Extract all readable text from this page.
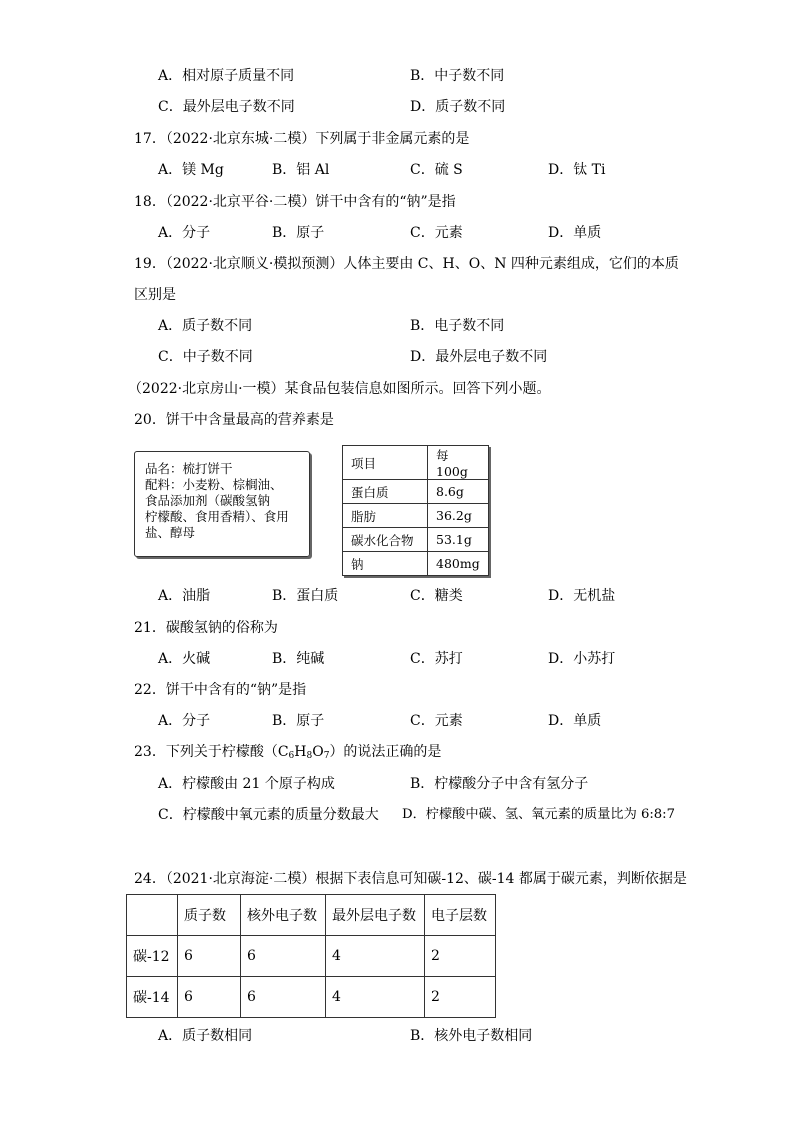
A．相对原子质量不同	B．中子数不同
C．最外层电子数不同	D．质子数不同
17．（2022·北京东城·二模）下列属于非金属元素的是
A．镁 Mg	B．铝 Al	C．硫 S	D．钛 Ti
18．（2022·北京平谷·二模）饼干中含有的“钠”是指
A．分子	B．原子	C．元素	D．单质
19．（2022·北京顺义·模拟预测）人体主要由 C、H、O、N 四种元素组成，它们的本质
区别是
A．质子数不同	B．电子数不同
C．中子数不同	D．最外层电子数不同
（2022·北京房山·一模）某食品包装信息如图所示。回答下列小题。
20．饼干中含量最高的营养素是
品名：梳打饼干
配料：小麦粉、棕榈油、
食品添加剂（碳酸氢钠
柠檬酸、食用香精）、食用
盐、醇母
项目	每100g
蛋白质	8.6g
脂肪	36.2g
碳水化合物	53.1g
钠	480mg
A．油脂	B．蛋白质	C．糖类	D．无机盐
21．碳酸氢钠的俗称为
A．火碱	B．纯碱	C．苏打	D．小苏打
22．饼干中含有的“钠”是指
A．分子	B．原子	C．元素	D．单质
23．下列关于柠檬酸$(C_6H_8O_7)$的说法正确的是
A．柠檬酸由 21 个原子构成	B．柠檬酸分子中含有氢分子
C．柠檬酸中氧元素的质量分数最大 D．柠檬酸中碳、氢、氧元素的质量比为 6:8:7
24．（2021·北京海淀·二模）根据下表信息可知碳-12、碳-14 都属于碳元素，判断依据是
	质子数	核外电子数	最外层电子数	电子层数
碳-12	6	6	4	2
碳-14	6	6	4	2
A．质子数相同	B．核外电子数相同
